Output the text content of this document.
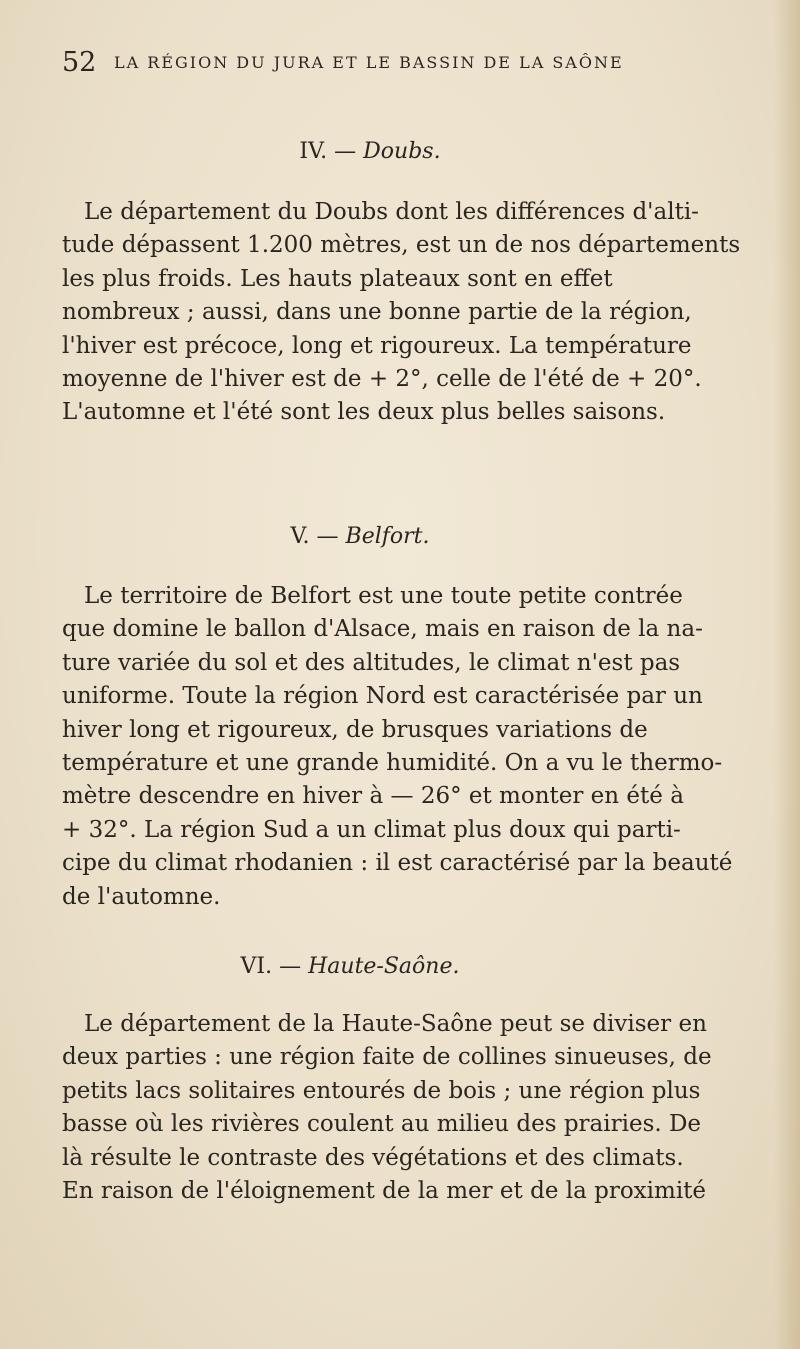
52 LA RÉGION DU JURA ET LE BASSIN DE LA SAÔNE
IV. — Doubs.
Le département du Doubs dont les différences d'alti-
tude dépassent 1.200 mètres, est un de nos départements
les plus froids. Les hauts plateaux sont en effet
nombreux ; aussi, dans une bonne partie de la région,
l'hiver est précoce, long et rigoureux. La température
moyenne de l'hiver est de + 2°, celle de l'été de + 20°.
L'automne et l'été sont les deux plus belles saisons.
V. — Belfort.
Le territoire de Belfort est une toute petite contrée
que domine le ballon d'Alsace, mais en raison de la na-
ture variée du sol et des altitudes, le climat n'est pas
uniforme. Toute la région Nord est caractérisée par un
hiver long et rigoureux, de brusques variations de
température et une grande humidité. On a vu le thermo-
mètre descendre en hiver à — 26° et monter en été à
+ 32°. La région Sud a un climat plus doux qui parti-
cipe du climat rhodanien : il est caractérisé par la beauté
de l'automne.
VI. — Haute-Saône.
Le département de la Haute-Saône peut se diviser en
deux parties : une région faite de collines sinueuses, de
petits lacs solitaires entourés de bois ; une région plus
basse où les rivières coulent au milieu des prairies. De
là résulte le contraste des végétations et des climats.
En raison de l'éloignement de la mer et de la proximité
